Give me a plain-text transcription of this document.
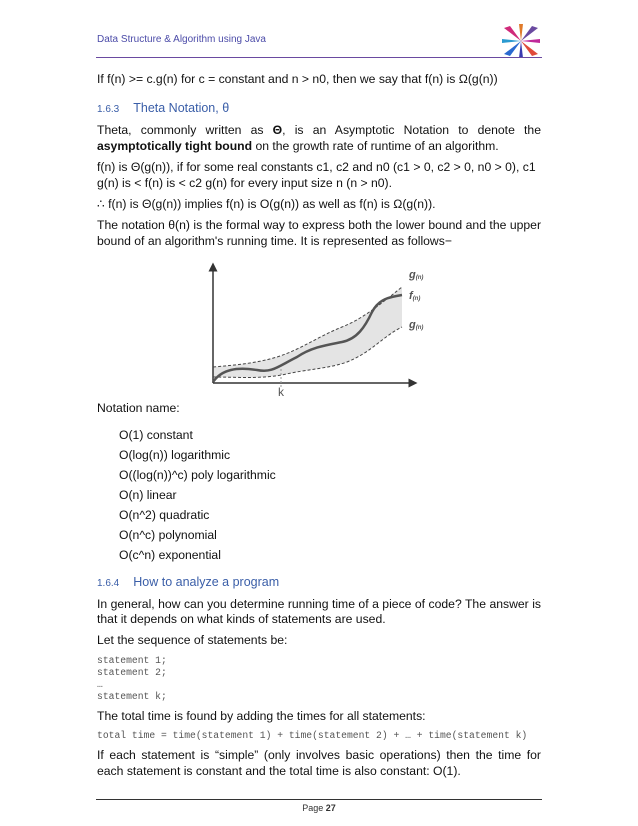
Data Structure & Algorithm using Java

If f(n) >= c.g(n) for c = constant and n > n0, then we say that f(n) is Ω(g(n))

1.6.3 Theta Notation, θ

Theta, commonly written as Θ, is an Asymptotic Notation to denote the asymptotically tight bound on the growth rate of runtime of an algorithm.

f(n) is Θ(g(n)), if for some real constants c1, c2 and n0 (c1 > 0, c2 > 0, n0 > 0), c1 g(n) is < f(n) is < c2 g(n) for every input size n (n > n0).

∴ f(n) is Θ(g(n)) implies f(n) is O(g(n)) as well as f(n) is Ω(g(n)).

The notation θ(n) is the formal way to express both the lower bound and the upper bound of an algorithm's running time. It is represented as follows−

g(n)
f(n)
g(n)
k

Notation name:

O(1) constant
O(log(n)) logarithmic
O((log(n))^c) poly logarithmic
O(n) linear
O(n^2) quadratic
O(n^c) polynomial
O(c^n) exponential
1.6.4 How to analyze a program

In general, how can you determine running time of a piece of code? The answer is that it depends on what kinds of statements are used.

Let the sequence of statements be:

statement 1;
statement 2;
…
statement k;

The total time is found by adding the times for all statements:

total time = time(statement 1) + time(statement 2) + … + time(statement k)

If each statement is “simple” (only involves basic operations) then the time for each statement is constant and the total time is also constant: O(1).

Page 27
